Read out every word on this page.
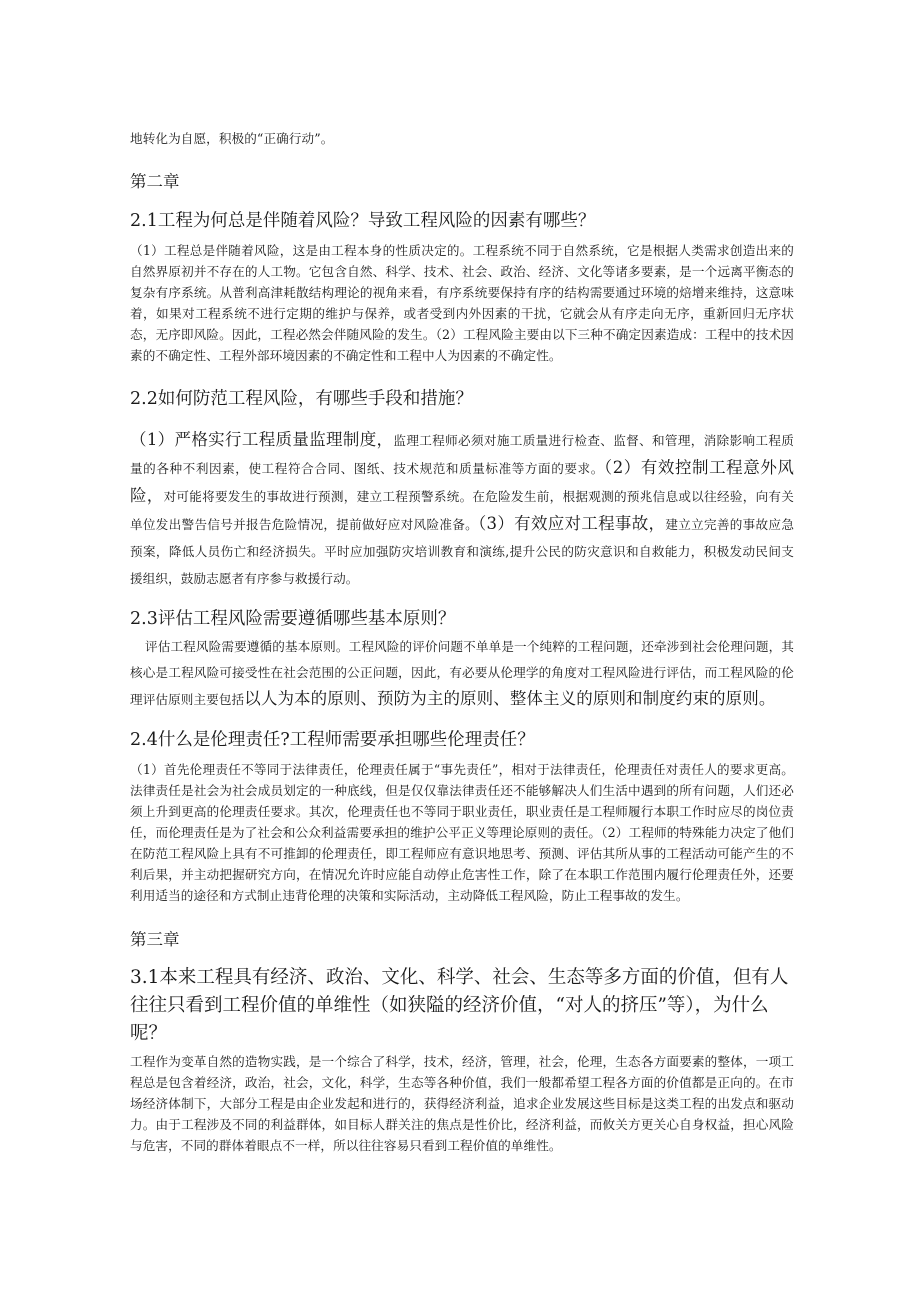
地转化为自愿，积极的“正确行动”。

第二章

2.1工程为何总是伴随着风险？导致工程风险的因素有哪些？

（1）工程总是伴随着风险，这是由工程本身的性质决定的。工程系统不同于自然系统，它是根据人类需求创造出来的自然界原初并不存在的人工物。它包含自然、科学、技术、社会、政治、经济、文化等诸多要素，是一个远离平衡态的复杂有序系统。从普利高津耗散结构理论的视角来看，有序系统要保持有序的结构需要通过环境的焙增来维持，这意味着，如果对工程系统不进行定期的维护与保养，或者受到内外因素的干扰，它就会从有序走向无序，重新回归无序状态，无序即风险。因此，工程必然会伴随风险的发生。（2）工程风险主要由以下三种不确定因素造成：工程中的技术因素的不确定性、工程外部环境因素的不确定性和工程中人为因素的不确定性。

2.2如何防范工程风险，有哪些手段和措施？

（1）严格实行工程质量监理制度，监理工程师必须对施工质量进行检查、监督、和管理，消除影响工程质量的各种不利因素，使工程符合合同、图纸、技术规范和质量标准等方面的要求。（2）有效控制工程意外风险，对可能将要发生的事故进行预测，建立工程预警系统。在危险发生前，根据观测的预兆信息或以往经验，向有关单位发出警告信号并报告危险情况，提前做好应对风险准备。（3）有效应对工程事故，建立立完善的事故应急预案，降低人员伤亡和经济损失。平时应加强防灾培训教育和演练,提升公民的防灾意识和自救能力，积极发动民间支援组织，鼓励志愿者有序参与救援行动。

2.3评估工程风险需要遵循哪些基本原则？

评估工程风险需要遵循的基本原则。工程风险的评价问题不单单是一个纯粹的工程问题，还牵涉到社会伦理问题，其核心是工程风险可接受性在社会范围的公正问题，因此，有必要从伦理学的角度对工程风险进行评估，而工程风险的伦理评估原则主要包括以人为本的原则、预防为主的原则、整体主义的原则和制度约束的原则。

2.4什么是伦理责任?工程师需要承担哪些伦理责任？

（1）首先伦理责任不等同于法律责任，伦理责任属于“事先责任”，相对于法律责任，伦理责任对责任人的要求更高。法律责任是社会为社会成员划定的一种底线，但是仅仅靠法律责任还不能够解决人们生活中遇到的所有问题，人们还必须上升到更高的伦理责任要求。其次，伦理责任也不等同于职业责任，职业责任是工程师履行本职工作时应尽的岗位责任，而伦理责任是为了社会和公众利益需要承担的维护公平正义等理论原则的责任。（2）工程师的特殊能力决定了他们在防范工程风险上具有不可推卸的伦理责任，即工程师应有意识地思考、预测、评估其所从事的工程活动可能产生的不利后果，并主动把握研究方向，在情况允许时应能自动停止危害性工作，除了在本职工作范围内履行伦理责任外，还要利用适当的途径和方式制止违背伦理的决策和实际活动，主动降低工程风险，防止工程事故的发生。

第三章

3.1本来工程具有经济、政治、文化、科学、社会、生态等多方面的价值，但有人往往只看到工程价值的单维性（如狭隘的经济价值，“对人的挤压”等），为什么呢？

工程作为变革自然的造物实践，是一个综合了科学，技术，经济，管理，社会，伦理，生态各方面要素的整体，一项工程总是包含着经济，政治，社会，文化，科学，生态等各种价值，我们一般都希望工程各方面的价值都是正向的。在市场经济体制下，大部分工程是由企业发起和进行的，获得经济利益，追求企业发展这些目标是这类工程的出发点和驱动力。由于工程涉及不同的利益群体，如目标人群关注的焦点是性价比，经济利益，而攸关方更关心自身权益，担心风险与危害，不同的群体着眼点不一样，所以往往容易只看到工程价值的单维性。
